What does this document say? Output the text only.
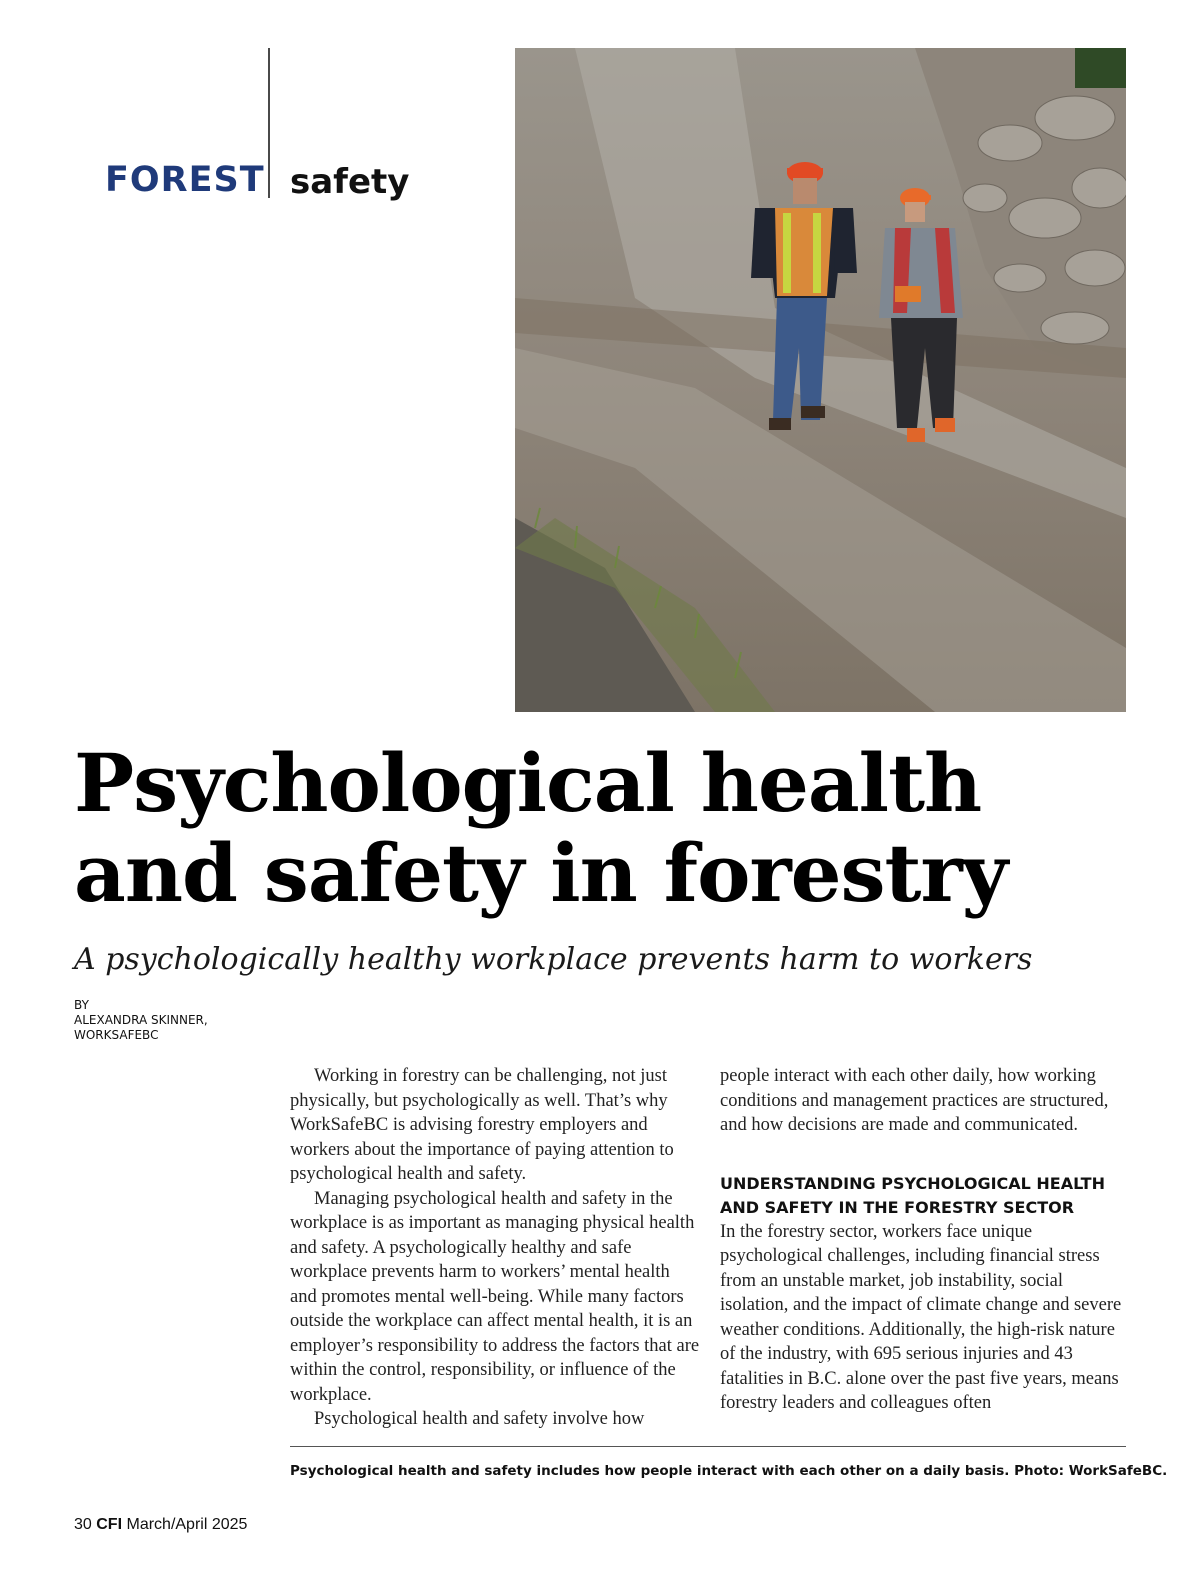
FOREST safety
Psychological health
and safety in forestry

A psychologically healthy workplace prevents harm to workers

BY
ALEXANDRA SKINNER,
WORKSAFEBC

Working in forestry can be challenging, not just physically, but psychologically as well. That’s why WorkSafeBC is advising forestry employers and workers about the importance of paying attention to psychological health and safety.

Managing psychological health and safety in the workplace is as important as managing physical health and safety. A psychologically healthy and safe workplace prevents harm to workers’ mental health and promotes mental well-being. While many factors outside the workplace can affect mental health, it is an employer’s responsibility to address the factors that are within the control, responsibility, or influence of the workplace.

Psychological health and safety involve how

people interact with each other daily, how working conditions and management practices are structured, and how decisions are made and communicated.

UNDERSTANDING PSYCHOLOGICAL HEALTH AND SAFETY IN THE FORESTRY SECTOR

In the forestry sector, workers face unique psychological challenges, including financial stress from an unstable market, job instability, social isolation, and the impact of climate change and severe weather conditions. Additionally, the high-risk nature of the industry, with 695 serious injuries and 43 fatalities in B.C. alone over the past five years, means forestry leaders and colleagues often

Psychological health and safety includes how people interact with each other on a daily basis. Photo: WorkSafeBC.
30 CFI March/April 2025
